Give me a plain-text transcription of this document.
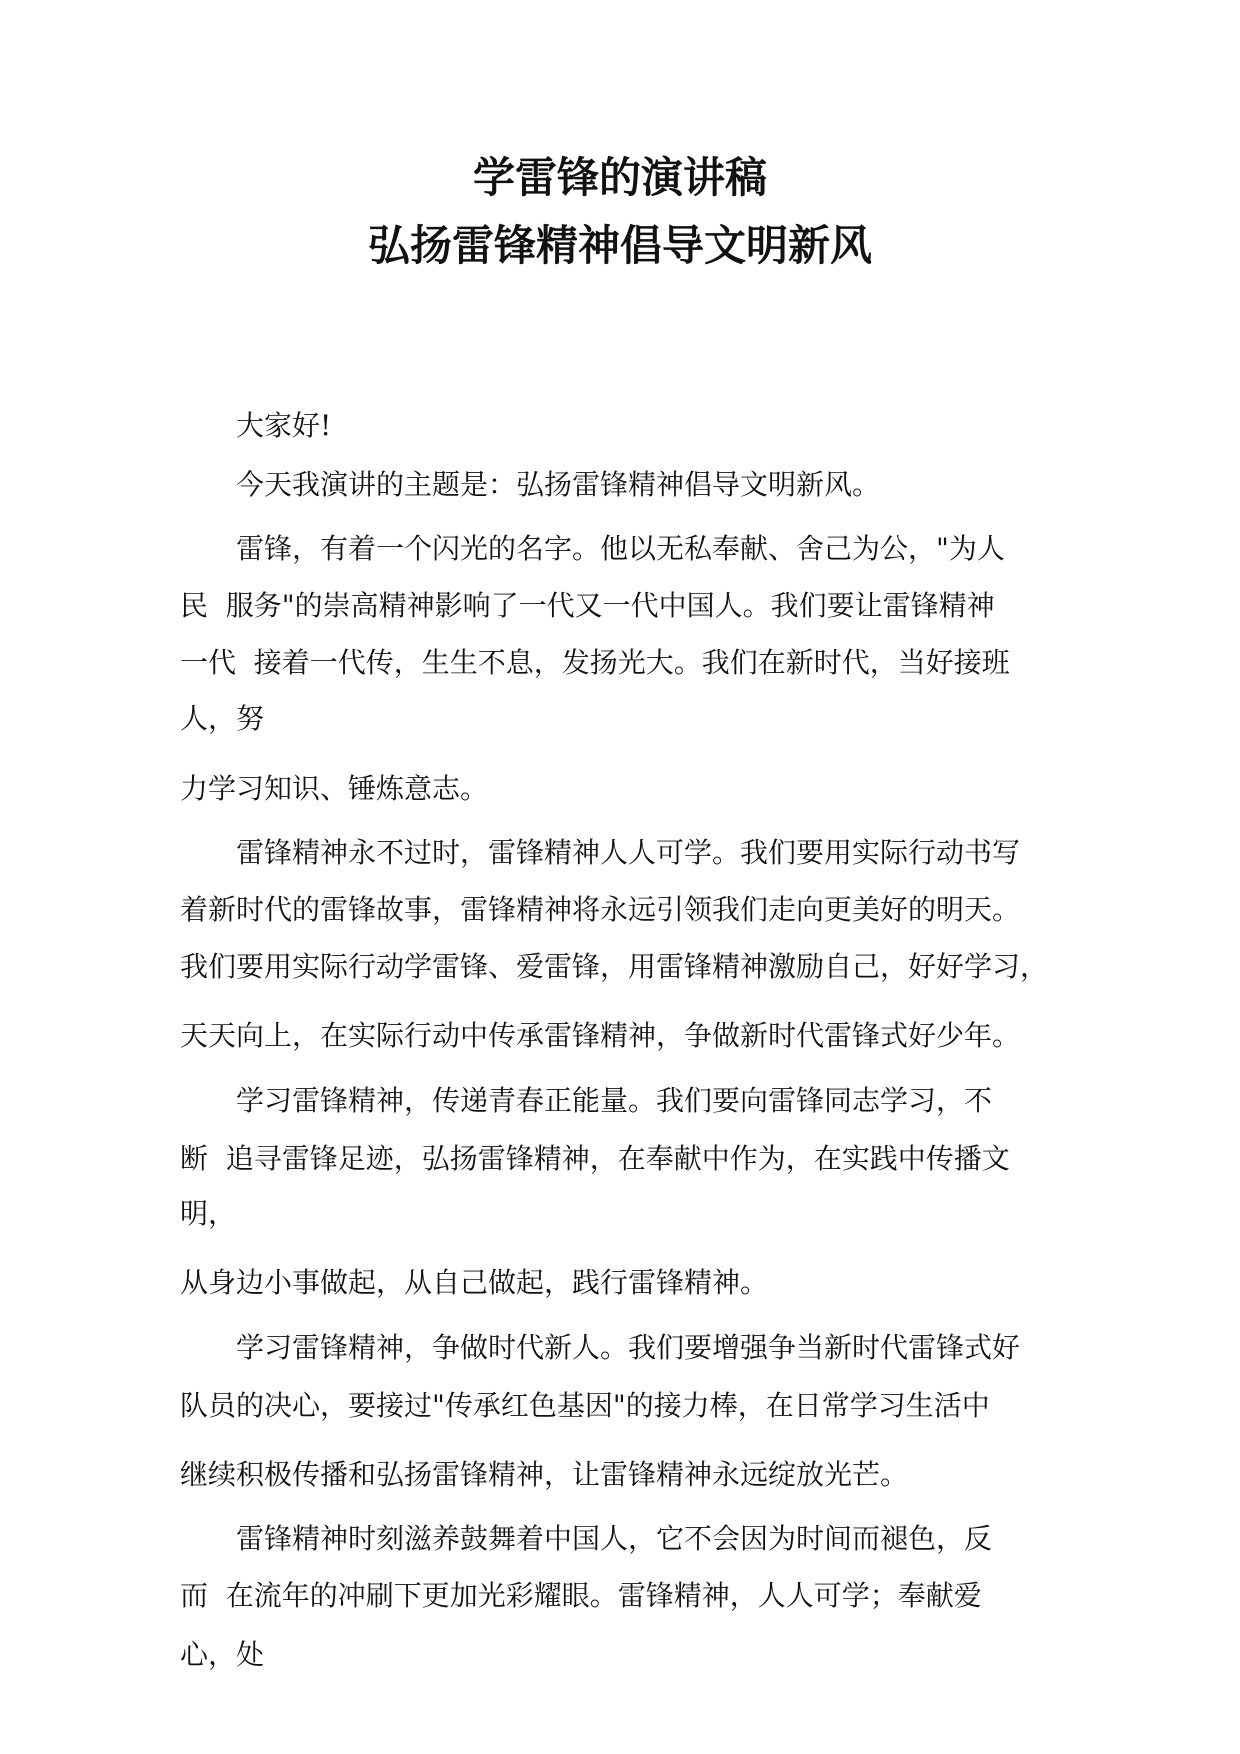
学雷锋的演讲稿
弘扬雷锋精神倡导文明新风
大家好!
今天我演讲的主题是：弘扬雷锋精神倡导文明新风。
雷锋，有着一个闪光的名字。他以无私奉献、舍己为公，"为人
民  服务"的崇高精神影响了一代又一代中国人。我们要让雷锋精神
一代  接着一代传，生生不息，发扬光大。我们在新时代，当好接班
人，努
力学习知识、锤炼意志。
雷锋精神永不过时，雷锋精神人人可学。我们要用实际行动书写
着新时代的雷锋故事，雷锋精神将永远引领我们走向更美好的明天。
我们要用实际行动学雷锋、爱雷锋，用雷锋精神激励自己，好好学习，
天天向上，在实际行动中传承雷锋精神，争做新时代雷锋式好少年。
学习雷锋精神，传递青春正能量。我们要向雷锋同志学习，不
断  追寻雷锋足迹，弘扬雷锋精神，在奉献中作为，在实践中传播文
明，
从身边小事做起，从自己做起，践行雷锋精神。
学习雷锋精神，争做时代新人。我们要增强争当新时代雷锋式好
队员的决心，要接过"传承红色基因"的接力棒，在日常学习生活中
继续积极传播和弘扬雷锋精神，让雷锋精神永远绽放光芒。
雷锋精神时刻滋养鼓舞着中国人，它不会因为时间而褪色，反
而  在流年的冲刷下更加光彩耀眼。雷锋精神，人人可学；奉献爱
心，处
